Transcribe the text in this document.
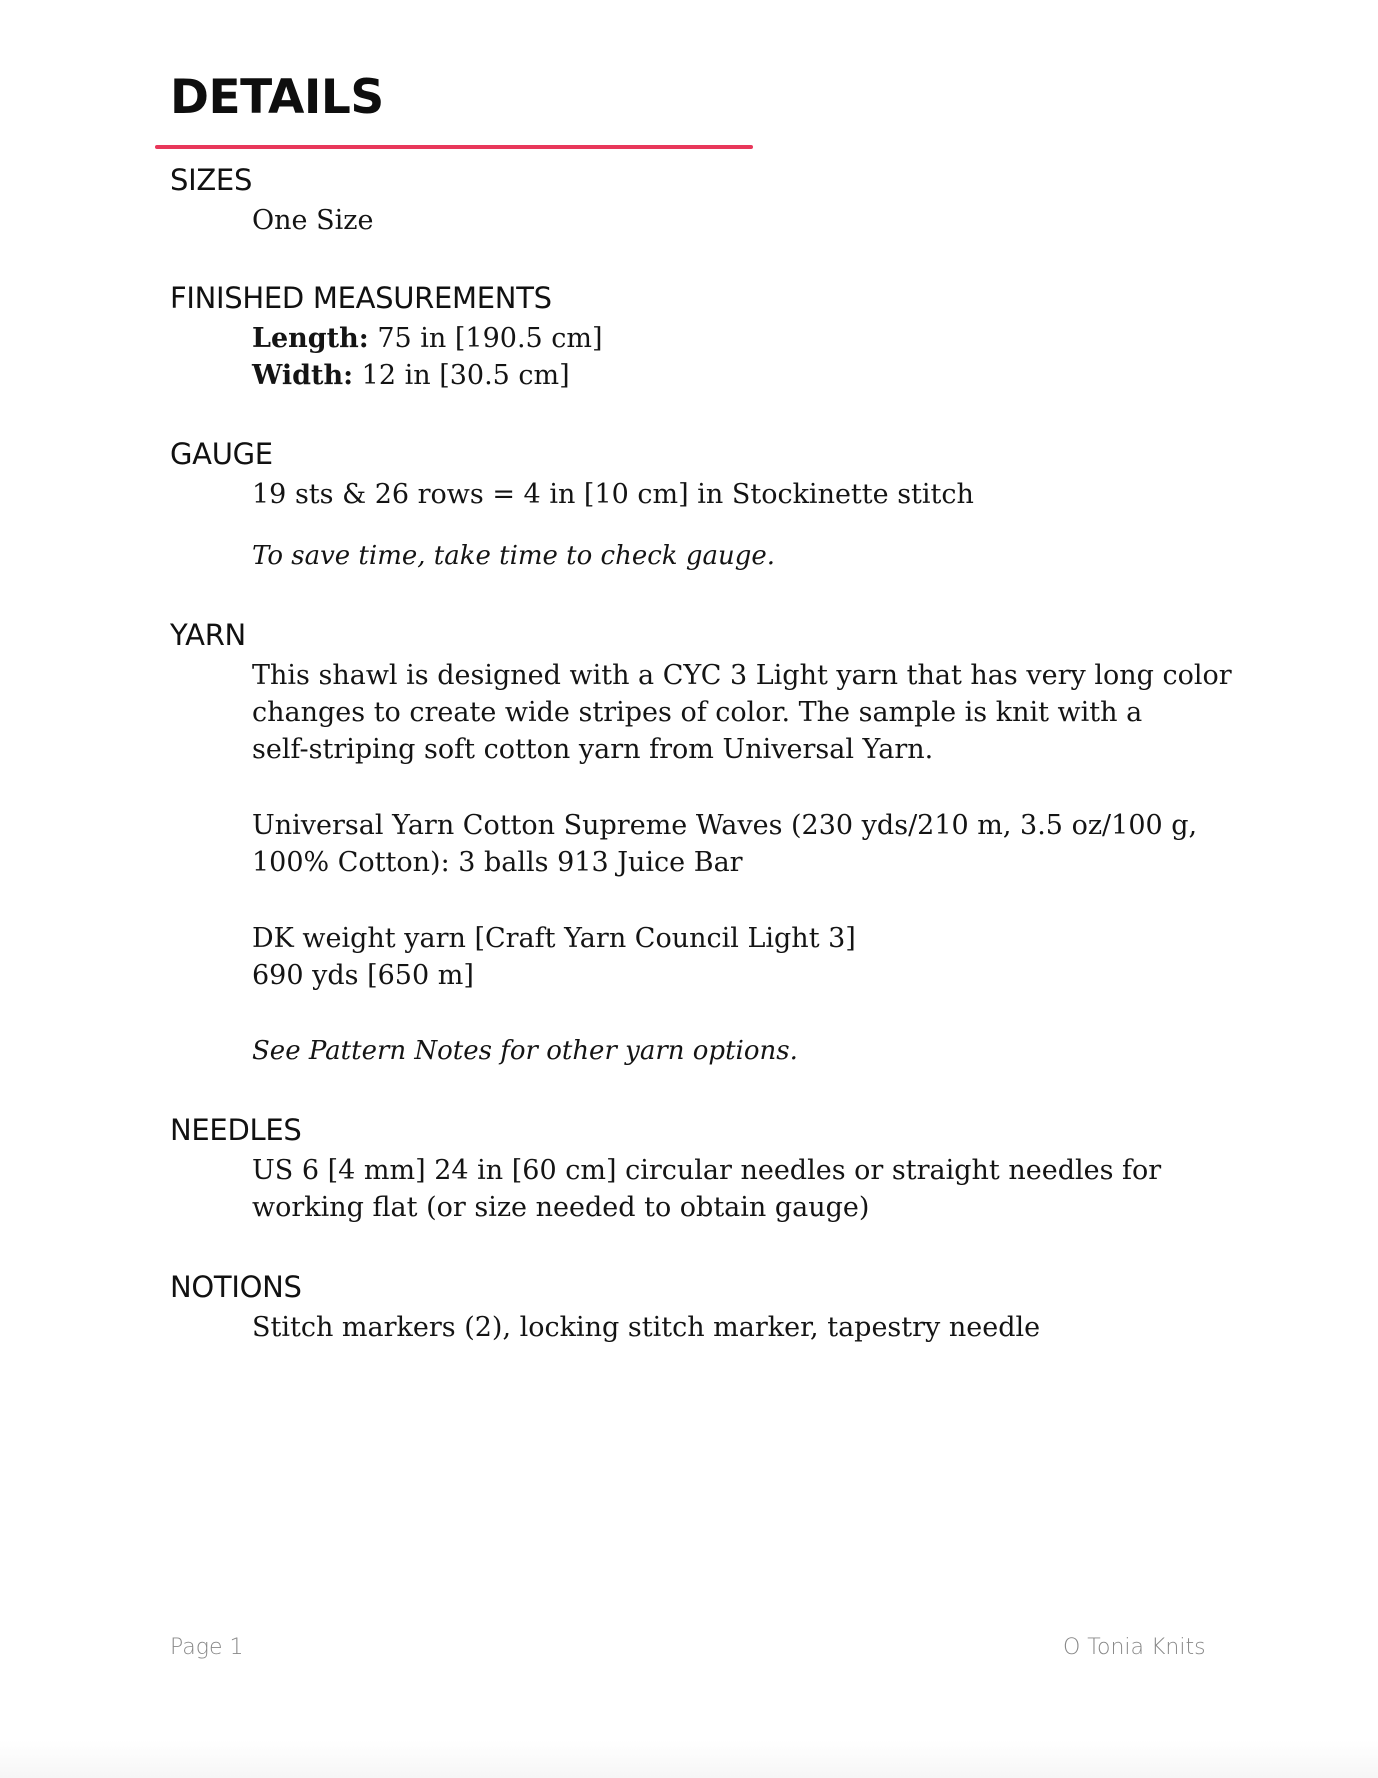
DETAILS
SIZES

One Size

FINISHED MEASUREMENTS

Length: 75 in [190.5 cm]

Width: 12 in [30.5 cm]

GAUGE

19 sts & 26 rows = 4 in [10 cm] in Stockinette stitch

To save time, take time to check gauge.

YARN

This shawl is designed with a CYC 3 Light yarn that has very long color

changes to create wide stripes of color. The sample is knit with a

self-striping soft cotton yarn from Universal Yarn.

Universal Yarn Cotton Supreme Waves (230 yds/210 m, 3.5 oz/100 g,

100% Cotton): 3 balls 913 Juice Bar

DK weight yarn [Craft Yarn Council Light 3]

690 yds [650 m]

See Pattern Notes for other yarn options.

NEEDLES

US 6 [4 mm] 24 in [60 cm] circular needles or straight needles for

working flat (or size needed to obtain gauge)

NOTIONS

Stitch markers (2), locking stitch marker, tapestry needle

Page 1	O Tonia Knits
